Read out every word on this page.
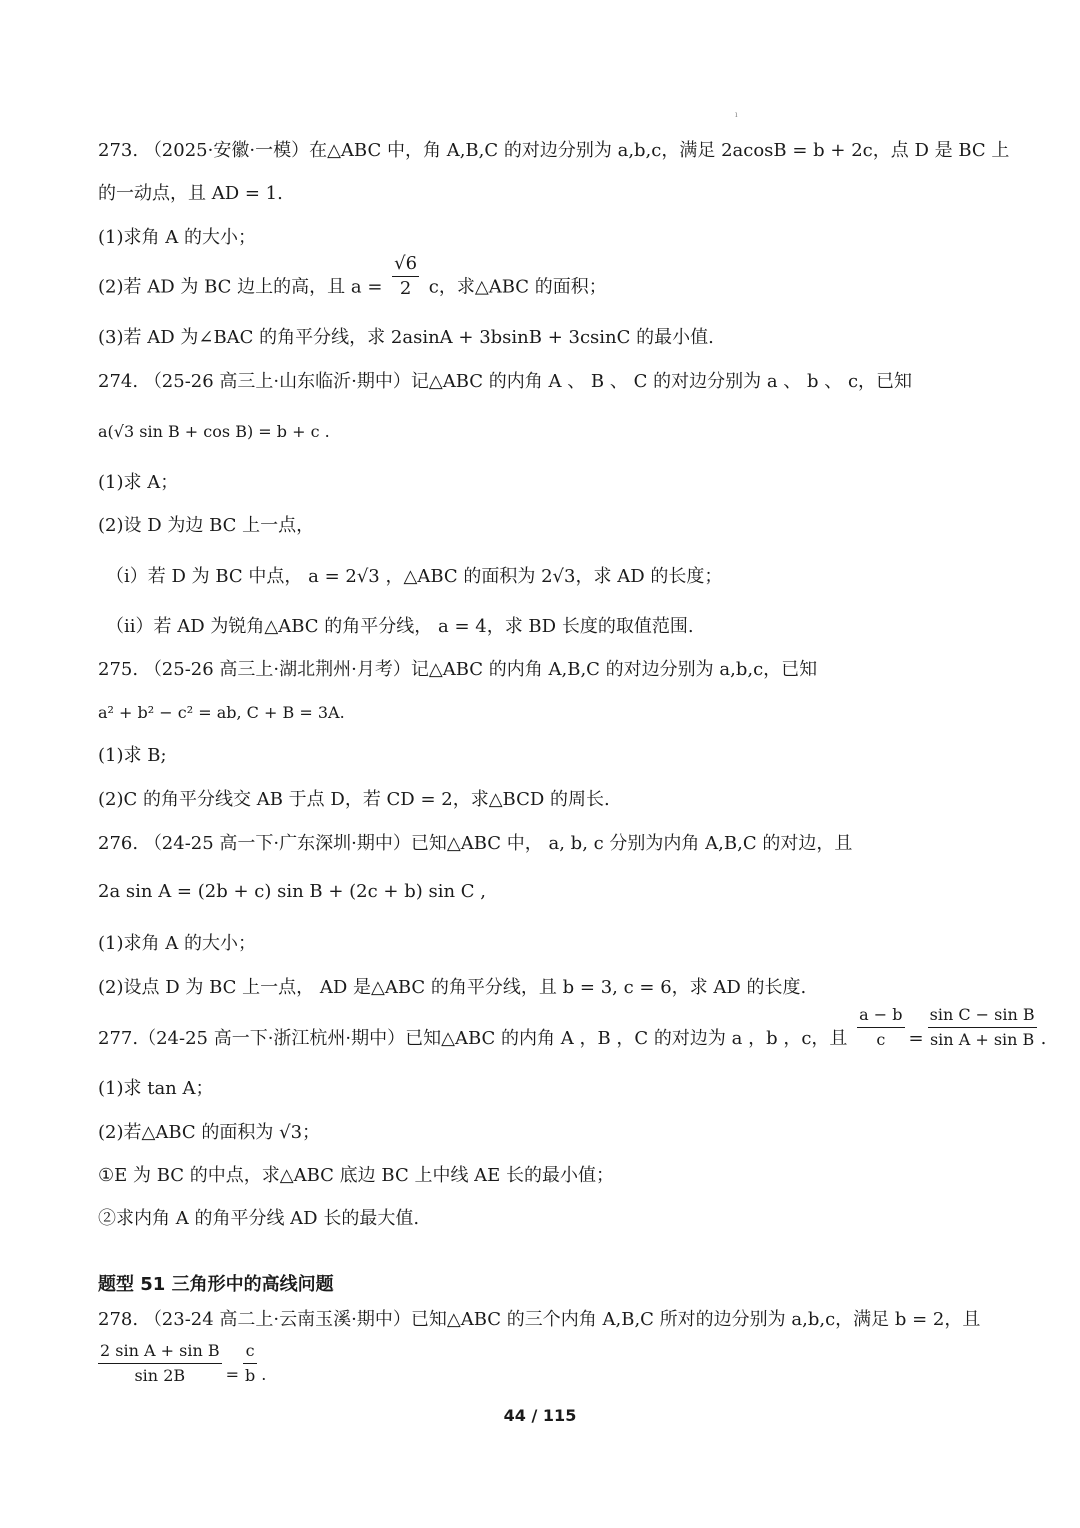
ı
273. （2025·安徽·一模）在△ABC 中，角 A,B,C 的对边分别为 a,b,c，满足 2acosB = b + 2c，点 D 是 BC 上
的一动点，且 AD = 1.
(1)求角 A 的大小；
(2)若 AD 为 BC 边上的高，且 $a = \frac{√6}{2}$ c，求△ABC 的面积；
(3)若 AD 为∠BAC 的角平分线，求 2asinA + 3bsinB + 3csinC 的最小值.
274. （25-26 高三上·山东临沂·期中）记△ABC 的内角 A 、 B 、 C 的对边分别为 a 、 b 、 c，已知
a(√3 sin B + cos B) = b + c .
(1)求 A；
(2)设 D 为边 BC 上一点，
（i）若 D 为 BC 中点， a = 2√3 ，△ABC 的面积为 2√3，求 AD 的长度；
（ii）若 AD 为锐角△ABC 的角平分线， a = 4，求 BD 长度的取值范围.
275. （25-26 高三上·湖北荆州·月考）记△ABC 的内角 A,B,C 的对边分别为 a,b,c，已知
a² + b² − c² = ab, C + B = 3A.
(1)求 B;
(2)C 的角平分线交 AB 于点 D，若 CD = 2，求△BCD 的周长.
276. （24-25 高一下·广东深圳·期中）已知△ABC 中， a, b, c 分别为内角 A,B,C 的对边，且
2a sin A = (2b + c) sin B + (2c + b) sin C ,
(1)求角 A 的大小；
(2)设点 D 为 BC 上一点， AD 是△ABC 的角平分线，且 b = 3, c = 6，求 AD 的长度.
277.（24-25 高一下·浙江杭州·期中）已知△ABC 的内角 A ，B ，C 的对边为 a ，b ，c，且 $\frac{a - b}{c} = \frac{\text{sin C − sin B}}{\text{sin A + sin B}}$ .
(1)求 tan A；
(2)若△ABC 的面积为 √3；
①E 为 BC 的中点，求△ABC 底边 BC 上中线 AE 长的最小值；
②求内角 A 的角平分线 AD 长的最大值.
题型 51 三角形中的高线问题
278. （23-24 高二上·云南玉溪·期中）已知△ABC 的三个内角 A,B,C 所对的边分别为 a,b,c，满足 b = 2，且
$\frac{\text{2 sin A + sin B}}{\sin 2B} = \frac{c}{b}$ .
44 / 115
